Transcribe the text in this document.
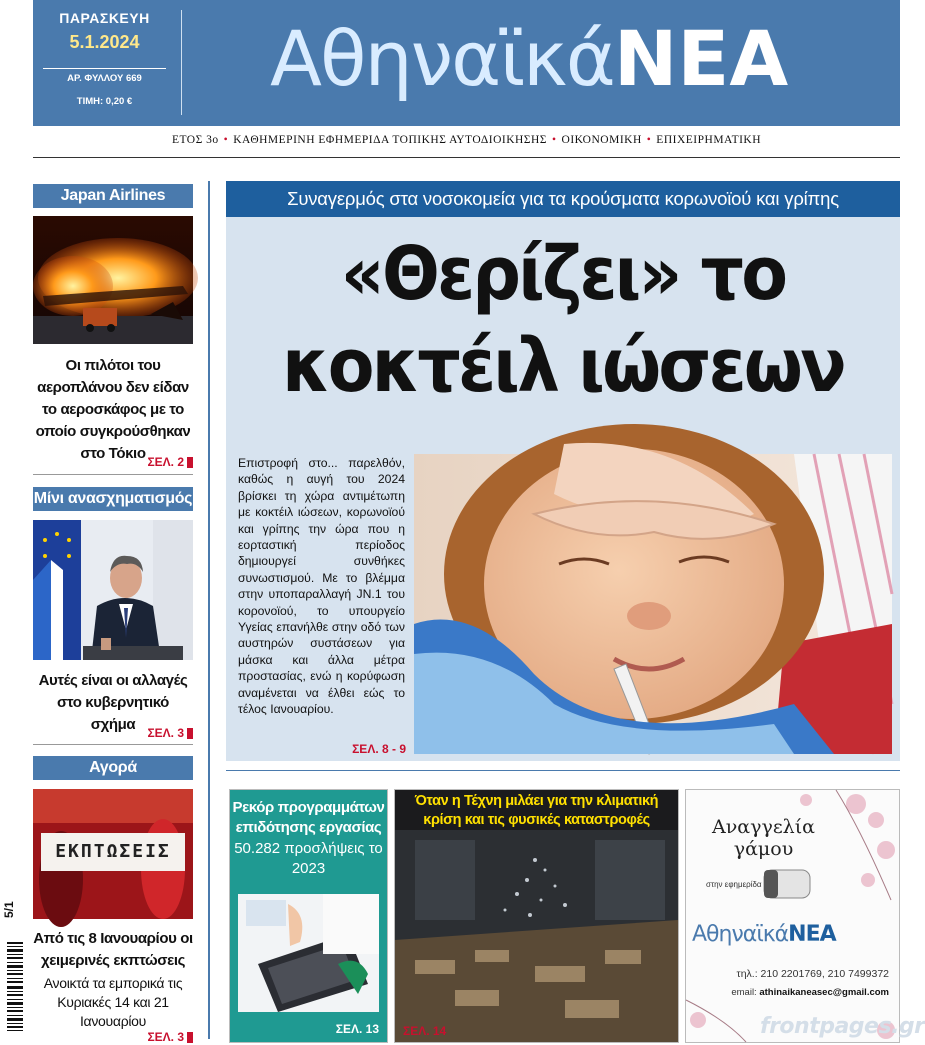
ΠΑΡΑΣΚΕΥΗ
5.1.2024
ΑΡ. ΦΥΛΛΟΥ 669
ΤΙΜΗ: 0,20 €	ΑθηναϊκάΝΕΑ
ΕΤΟΣ 3ο • ΚΑΘΗΜΕΡΙΝΗ ΕΦΗΜΕΡΙΔΑ ΤΟΠΙΚΗΣ ΑΥΤΟΔΙΟΙΚΗΣΗΣ • ΟΙΚΟΝΟΜΙΚΗ • ΕΠΙΧΕΙΡΗΜΑΤΙΚΗ
Japan Airlines
Οι πιλότοι του αεροπλάνου δεν είδαν το αεροσκάφος με το οποίο συγκρούσθηκαν στο Τόκιο ΣΕΛ. 2
Μίνι ανασχηματισμός
Αυτές είναι οι αλλαγές στο κυβερνητικό σχήμα	ΣΕΛ. 3
Αγορά
ΕΚΠΤΩΣΕΙΣ
Από τις 8 Ιανουαρίου οι χειμερινές εκπτώσεις
Ανοικτά τα εμπορικά τις Κυριακές 14 και 21 Ιανουαρίου
ΣΕΛ. 3
Συναγερμός στα νοσοκομεία για τα κρούσματα κορωνοϊού και γρίπης
«Θερίζει» το
κοκτέιλ ιώσεων
Επιστροφή στο... παρελθόν, καθώς η αυγή του 2024 βρίσκει τη χώρα αντιμέτωπη με κοκτέιλ ιώσεων, κορωνοϊού και γρίπης την ώρα που η εορταστική περίοδος δημιουργεί συνθήκες συνωστισμού. Με το βλέμμα στην υποπαραλλαγή JN.1 του κορονοϊού, το υπουργείο Υγείας επανήλθε στην οδό των αυστηρών συστάσεων για μάσκα και άλλα μέτρα προστασίας, ενώ η κορύφωση αναμένεται να έλθει εώς το τέλος Ιανουαρίου.
ΣΕΛ. 8 - 9
Ρεκόρ προγραμμάτων επιδότησης εργασίας
50.282 προσλήψεις το 2023
ΣΕΛ. 13
Όταν η Τέχνη μιλάει για την κλιματική κρίση και τις φυσικές καταστροφές
ΣΕΛ. 14
Αναγγελία γάμου
στην εφημερίδα
ΑθηναϊκάΝΕΑ
τηλ.: 210 2201769, 210 7499372
email: athinaikaneasec@gmail.com
frontpages.gr
5/1
